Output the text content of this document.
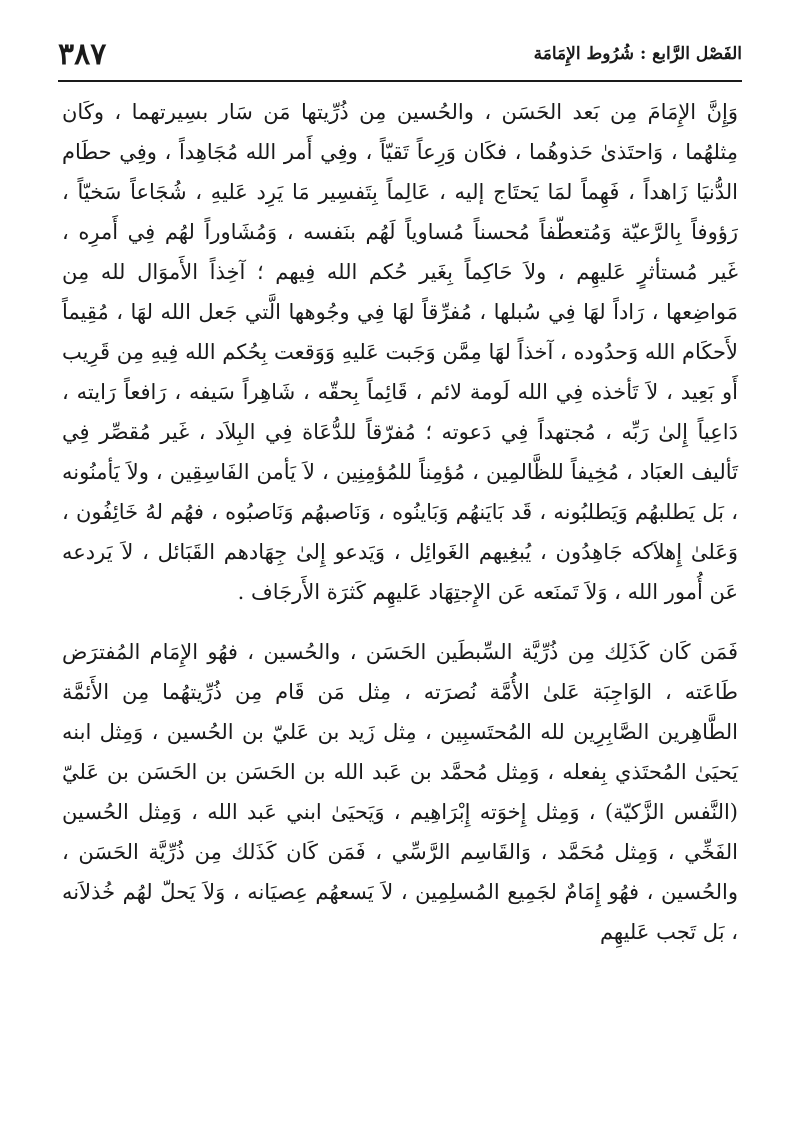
الفَصْل الرَّابع : شُرُوط الإِمَامَة
٣٨٧

وَإِنَّ الإِمَامَ مِن بَعد الحَسَن ، والحُسين مِن ذُرِّيتها مَن سَار بسِيرتهما ، وكَان مِثلهُما ، وَاحتَذىٰ حَذوهُما ، فكَان وَرِعاً تَقيّاً ، وفِي أَمر الله مُجَاهِداً ، وفِي حطَام الدُّنيَا زَاهداً ، فَهِماً لمَا يَحتَاج إليه ، عَالِماً بِتَفسِير مَا يَرِد عَليهِ ، شُجَاعاً سَخيّاً ، رَؤوفاً بِالرَّعيّة وَمُتعطّفاً مُحسناً مُساوياً لَهُم بنَفسه ، وَمُشَاوراً لهُم فِي أَمرِه ، غَير مُستأثرٍ عَليهِم ، ولاَ حَاكِماً بِغَير حُكم الله فِيهم ؛ آخِذاً الأَموَال لله مِن مَواضِعها ، رَاداً لهَا فِي سُبلها ، مُفرِّقاً لهَا فِي وجُوهها الَّتي جَعل الله لهَا ، مُقِيماً لأَحكَام الله وَحدُوده ، آخذاً لهَا مِمَّن وَجَبت عَليهِ وَوَقعت بِحُكم الله فِيهِ مِن قَرِيب أَو بَعِيد ، لاَ تَأخذه فِي الله لَومة لائم ، قَائِماً بِحقّه ، شَاهِراً سَيفه ، رَافعاً رَايته ، دَاعِياً إِلىٰ رَبِّه ، مُجتهداً فِي دَعوته ؛ مُفرّقاً للدُّعَاة فِي البِلاَد ، غَير مُقصِّر فِي تَأليف العبَاد ، مُخِيفاً للظَّالمِين ، مُؤمِناً للمُؤمِنِين ، لاَ يَأمن الفَاسِقِين ، ولاَ يَأمنُونه ، بَل يَطلبهُم وَيَطلبُونه ، قَد بَايَنهُم وَبَاينُوه ، وَنَاصبهُم وَنَاصبُوه ، فهُم لهُ خَائِفُون ، وَعَلىٰ إِهلاَكه جَاهِدُون ، يُبغِيهم الغَوائِل ، وَيَدعو إِلىٰ جِهَادهم القَبَائل ، لاَ يَردعه عَن أُمور الله ، وَلاَ تَمنَعه عَن الإِجتِهَاد عَليهِم كَثرَة الأَرجَاف .

فَمَن كَان كَذَلِك مِن ذُرِّيَّة السِّبطَين الحَسَن ، والحُسين ، فهُو الإِمَام المُفترَض طَاعَته ، الوَاجِبَة عَلىٰ الأُمَّة نُصرَته ، مِثل مَن قَام مِن ذُرِّيتهُما مِن الأَئمَّة الطَّاهِرين الصَّابِرِين لله المُحتَسبِين ، مِثل زَيد بن عَليّ بن الحُسين ، وَمِثل ابنه يَحيَىٰ المُحتَذي بِفعله ، وَمِثل مُحمَّد بن عَبد الله بن الحَسَن بن الحَسَن بن عَليّ (النَّفس الزَّكيّة) ، وَمِثل إِخوَته إِبْرَاهِيم ، وَيَحيَىٰ ابني عَبد الله ، وَمِثل الحُسين الفَخِّي ، وَمِثل مُحَمَّد ، وَالقَاسِم الرَّسِّي ، فَمَن كَان كَذَلك مِن ذُرِّيَّة الحَسَن ، والحُسين ، فهُو إِمَامٌ لجَمِيع المُسلِمِين ، لاَ يَسعهُم عِصيَانه ، وَلاَ يَحلّ لهُم خُذلاَنه ، بَل تَجب عَليهِم
